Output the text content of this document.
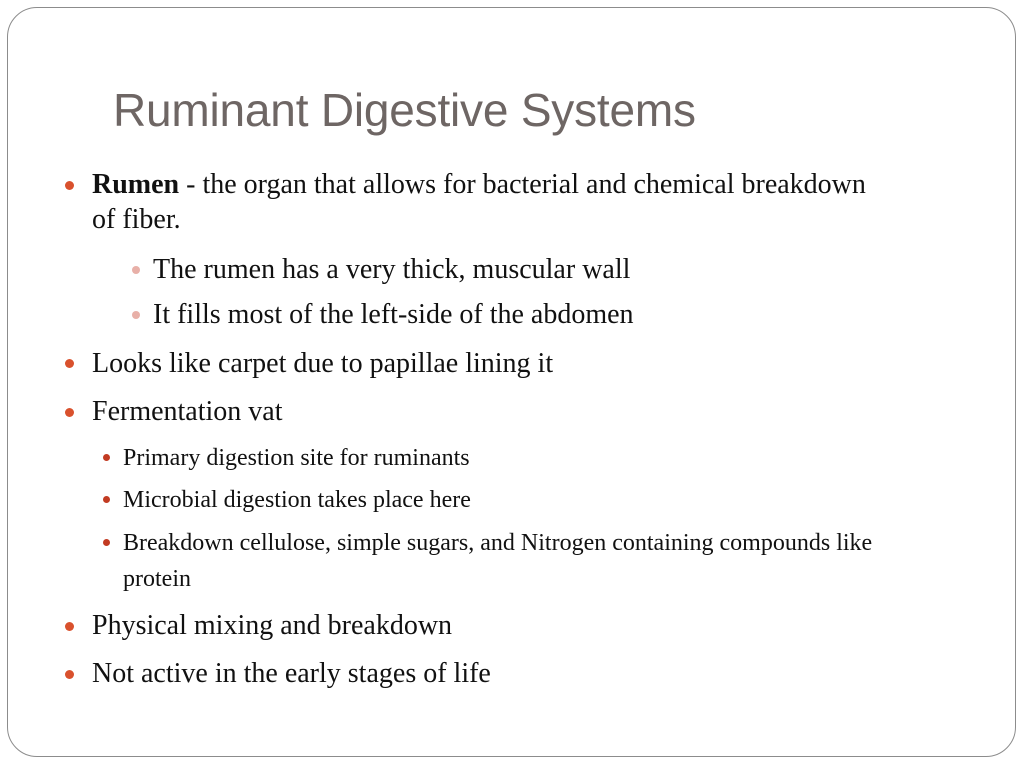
Ruminant Digestive Systems
Rumen - the organ that allows for bacterial and chemical breakdown of fiber.
The rumen has a very thick, muscular wall
It fills most of the left-side of the abdomen
Looks like carpet due to papillae lining it
Fermentation vat
Primary digestion site for ruminants
Microbial digestion takes place here
Breakdown cellulose, simple sugars, and Nitrogen containing compounds like protein
Physical mixing and breakdown
Not active in the early stages of life
